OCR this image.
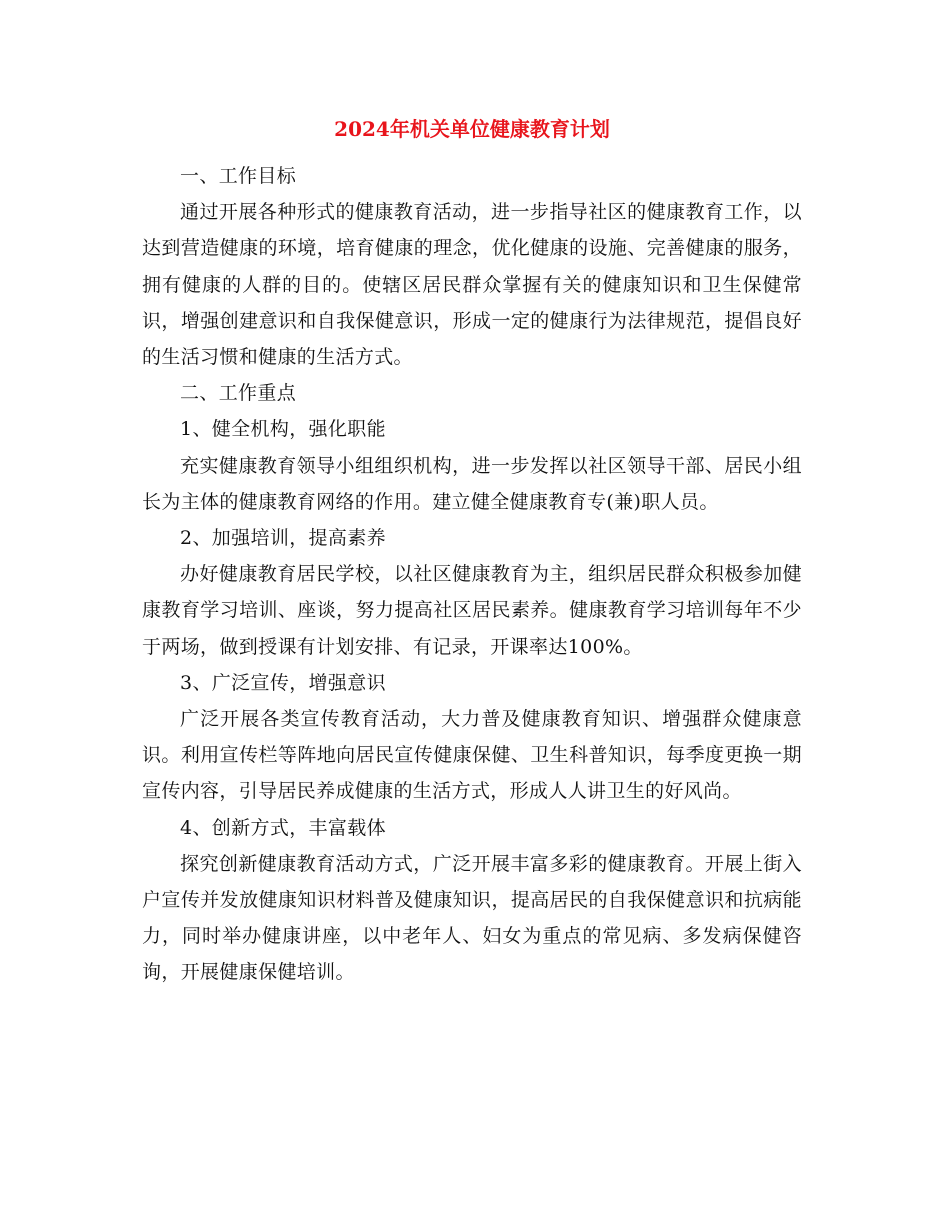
2024年机关单位健康教育计划

一、工作目标

通过开展各种形式的健康教育活动，进一步指导社区的健康教育工作，以达到营造健康的环境，培育健康的理念，优化健康的设施、完善健康的服务，拥有健康的人群的目的。使辖区居民群众掌握有关的健康知识和卫生保健常识，增强创建意识和自我保健意识，形成一定的健康行为法律规范，提倡良好的生活习惯和健康的生活方式。

二、工作重点

1、健全机构，强化职能

充实健康教育领导小组组织机构，进一步发挥以社区领导干部、居民小组长为主体的健康教育网络的作用。建立健全健康教育专(兼)职人员。

2、加强培训，提高素养

办好健康教育居民学校，以社区健康教育为主，组织居民群众积极参加健康教育学习培训、座谈，努力提高社区居民素养。健康教育学习培训每年不少于两场，做到授课有计划安排、有记录，开课率达100%。

3、广泛宣传，增强意识

广泛开展各类宣传教育活动，大力普及健康教育知识、增强群众健康意识。利用宣传栏等阵地向居民宣传健康保健、卫生科普知识，每季度更换一期宣传内容，引导居民养成健康的生活方式，形成人人讲卫生的好风尚。

4、创新方式，丰富载体

探究创新健康教育活动方式，广泛开展丰富多彩的健康教育。开展上街入户宣传并发放健康知识材料普及健康知识，提高居民的自我保健意识和抗病能力，同时举办健康讲座，以中老年人、妇女为重点的常见病、多发病保健咨询，开展健康保健培训。
